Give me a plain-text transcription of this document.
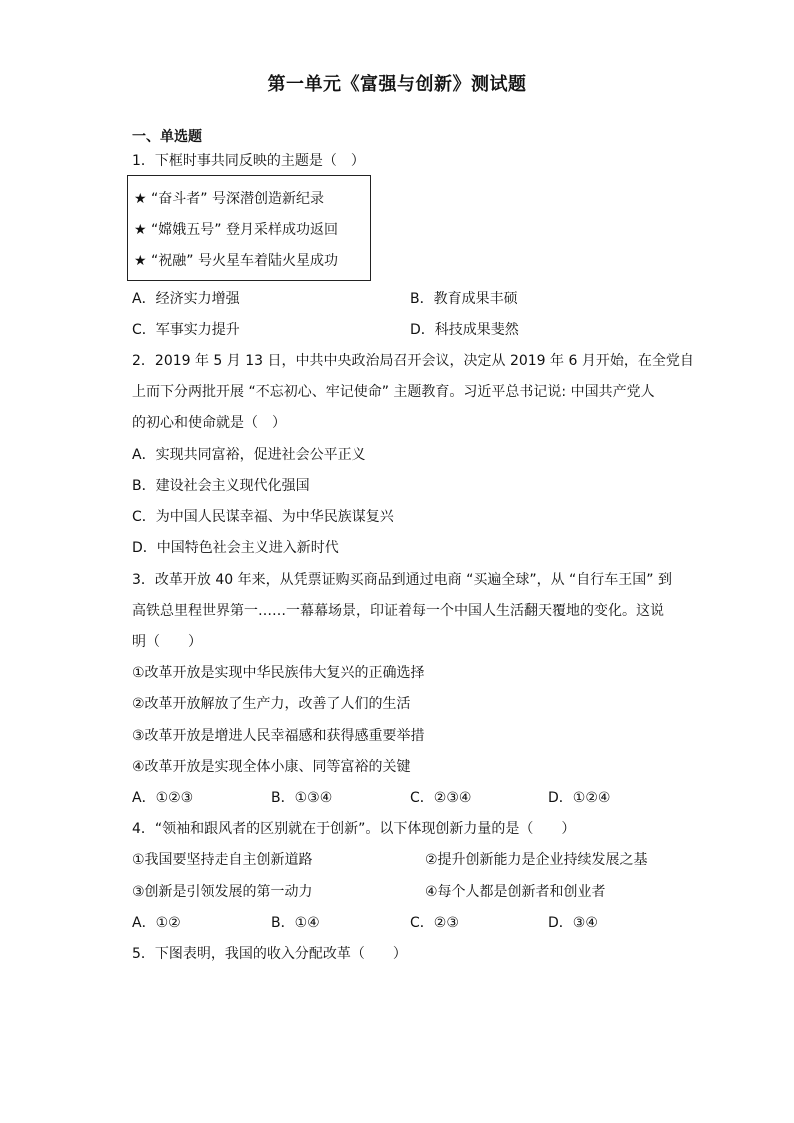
第一单元《富强与创新》测试题
一、单选题
1．下框时事共同反映的主题是（　）
★ “奋斗者” 号深潜创造新纪录
★ “嫦娥五号” 登月采样成功返回
★ “祝融” 号火星车着陆火星成功
A．经济实力增强	B．教育成果丰硕
C．军事实力提升	D．科技成果斐然
2．2019 年 5 月 13 日，中共中央政治局召开会议，决定从 2019 年 6 月开始，在全党自
上而下分两批开展 “不忘初心、牢记使命” 主题教育。习近平总书记说: 中国共产党人
的初心和使命就是（　）
A．实现共同富裕，促进社会公平正义
B．建设社会主义现代化强国
C．为中国人民谋幸福、为中华民族谋复兴
D．中国特色社会主义进入新时代
3．改革开放 40 年来，从凭票证购买商品到通过电商 “买遍全球”，从 “自行车王国” 到
高铁总里程世界第一……一幕幕场景，印证着每一个中国人生活翻天覆地的变化。这说
明（　　）
①改革开放是实现中华民族伟大复兴的正确选择
②改革开放解放了生产力，改善了人们的生活
③改革开放是增进人民幸福感和获得感重要举措
④改革开放是实现全体小康、同等富裕的关键
A．①②③	B．①③④	C．②③④	D．①②④
4．“领袖和跟风者的区别就在于创新”。以下体现创新力量的是（　　）
①我国要坚持走自主创新道路	②提升创新能力是企业持续发展之基
③创新是引领发展的第一动力	④每个人都是创新者和创业者
A．①②	B．①④	C．②③	D．③④
5．下图表明，我国的收入分配改革（　　）
